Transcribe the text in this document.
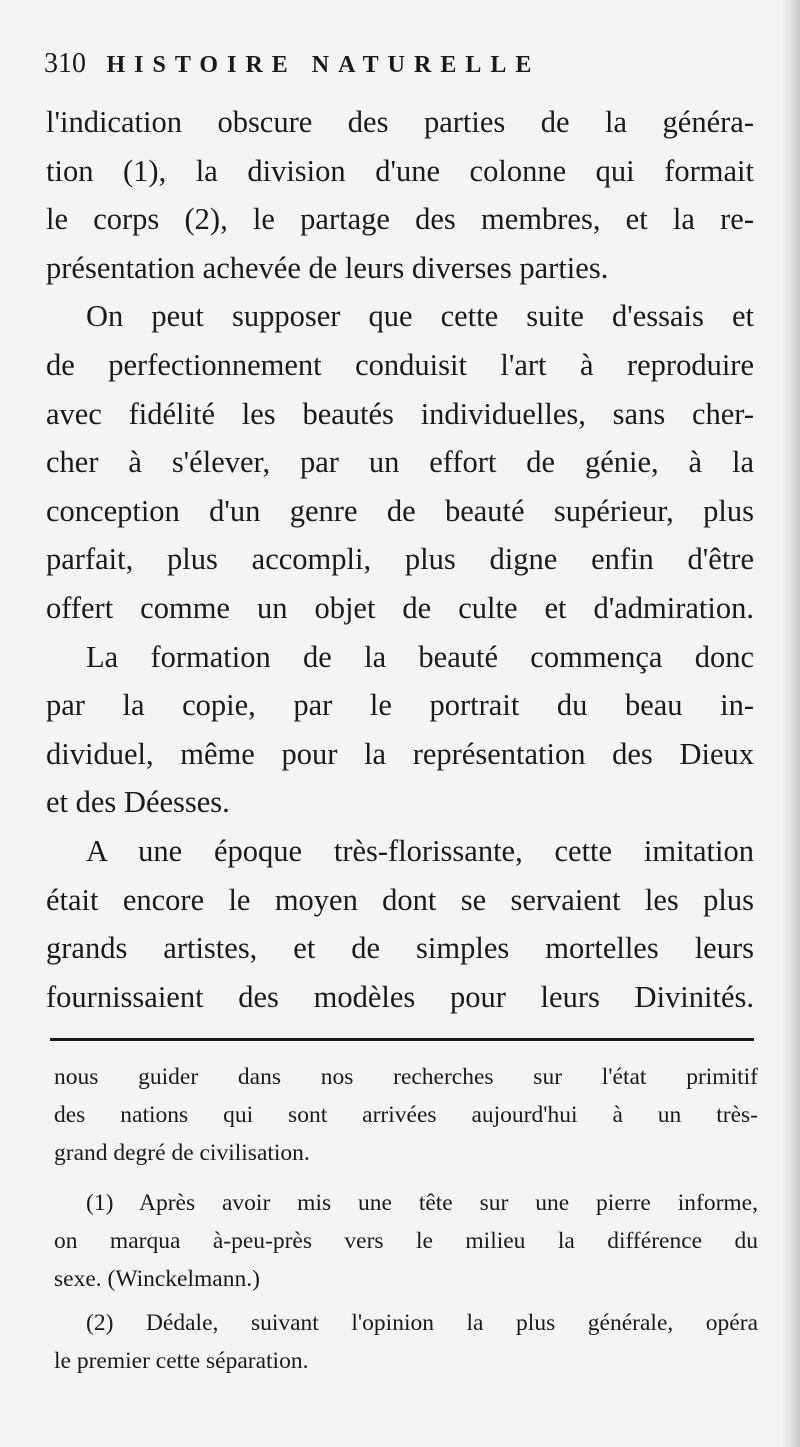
310 HISTOIRE NATURELLE
l'indication obscure des parties de la généra-
tion (1), la division d'une colonne qui formait
le corps (2), le partage des membres, et la re-
présentation achevée de leurs diverses parties.
On peut supposer que cette suite d'essais et
de perfectionnement conduisit l'art à reproduire
avec fidélité les beautés individuelles, sans cher-
cher à s'élever, par un effort de génie, à la
conception d'un genre de beauté supérieur, plus
parfait, plus accompli, plus digne enfin d'être
offert comme un objet de culte et d'admiration.
La formation de la beauté commença donc
par la copie, par le portrait du beau in-
dividuel, même pour la représentation des Dieux
et des Déesses.
A une époque très-florissante, cette imitation
était encore le moyen dont se servaient les plus
grands artistes, et de simples mortelles leurs
fournissaient des modèles pour leurs Divinités.
nous guider dans nos recherches sur l'état primitif
des nations qui sont arrivées aujourd'hui à un très-
grand degré de civilisation.
(1) Après avoir mis une tête sur une pierre informe,
on marqua à-peu-près vers le milieu la différence du
sexe. (Winckelmann.)
(2) Dédale, suivant l'opinion la plus générale, opéra
le premier cette séparation.
